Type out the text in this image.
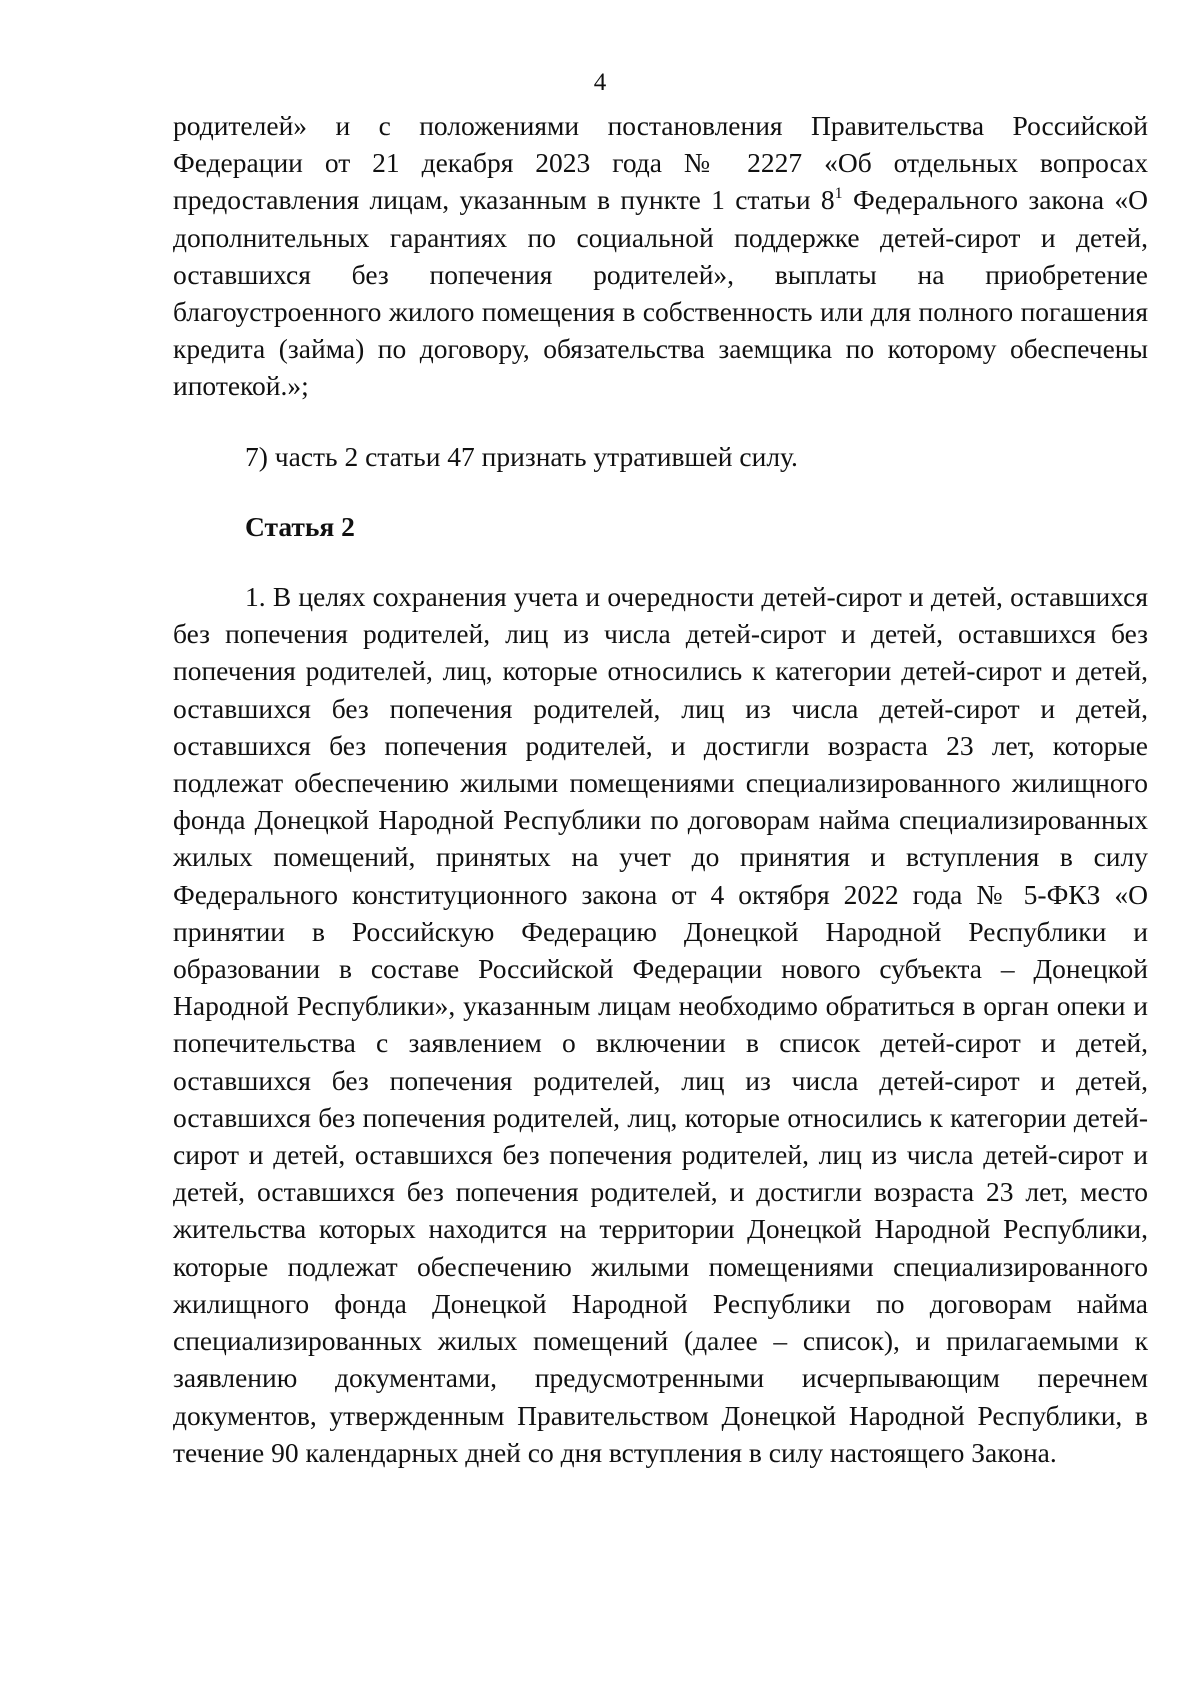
4

родителей» и с положениями постановления Правительства Российской Федерации от 21 декабря 2023 года № 2227 «Об отдельных вопросах предоставления лицам, указанным в пункте 1 статьи $8^1$ Федерального закона «О дополнительных гарантиях по социальной поддержке детей-сирот и детей, оставшихся без попечения родителей», выплаты на приобретение благоустроенного жилого помещения в собственность или для полного погашения кредита (займа) по договору, обязательства заемщика по которому обеспечены ипотекой.»;

7) часть 2 статьи 47 признать утратившей силу.

Статья 2

1. В целях сохранения учета и очередности детей-сирот и детей, оставшихся без попечения родителей, лиц из числа детей-сирот и детей, оставшихся без попечения родителей, лиц, которые относились к категории детей-сирот и детей, оставшихся без попечения родителей, лиц из числа детей-сирот и детей, оставшихся без попечения родителей, и достигли возраста 23 лет, которые подлежат обеспечению жилыми помещениями специализированного жилищного фонда Донецкой Народной Республики по договорам найма специализированных жилых помещений, принятых на учет до принятия и вступления в силу Федерального конституционного закона от 4 октября 2022 года № 5-ФКЗ «О принятии в Российскую Федерацию Донецкой Народной Республики и образовании в составе Российской Федерации нового субъекта – Донецкой Народной Республики», указанным лицам необходимо обратиться в орган опеки и попечительства с заявлением о включении в список детей-сирот и детей, оставшихся без попечения родителей, лиц из числа детей-сирот и детей, оставшихся без попечения родителей, лиц, которые относились к категории детей-сирот и детей, оставшихся без попечения родителей, лиц из числа детей-сирот и детей, оставшихся без попечения родителей, и достигли возраста 23 лет, место жительства которых находится на территории Донецкой Народной Республики, которые подлежат обеспечению жилыми помещениями специализированного жилищного фонда Донецкой Народной Республики по договорам найма специализированных жилых помещений (далее – список), и прилагаемыми к заявлению документами, предусмотренными исчерпывающим перечнем документов, утвержденным Правительством Донецкой Народной Республики, в течение 90 календарных дней со дня вступления в силу настоящего Закона.
